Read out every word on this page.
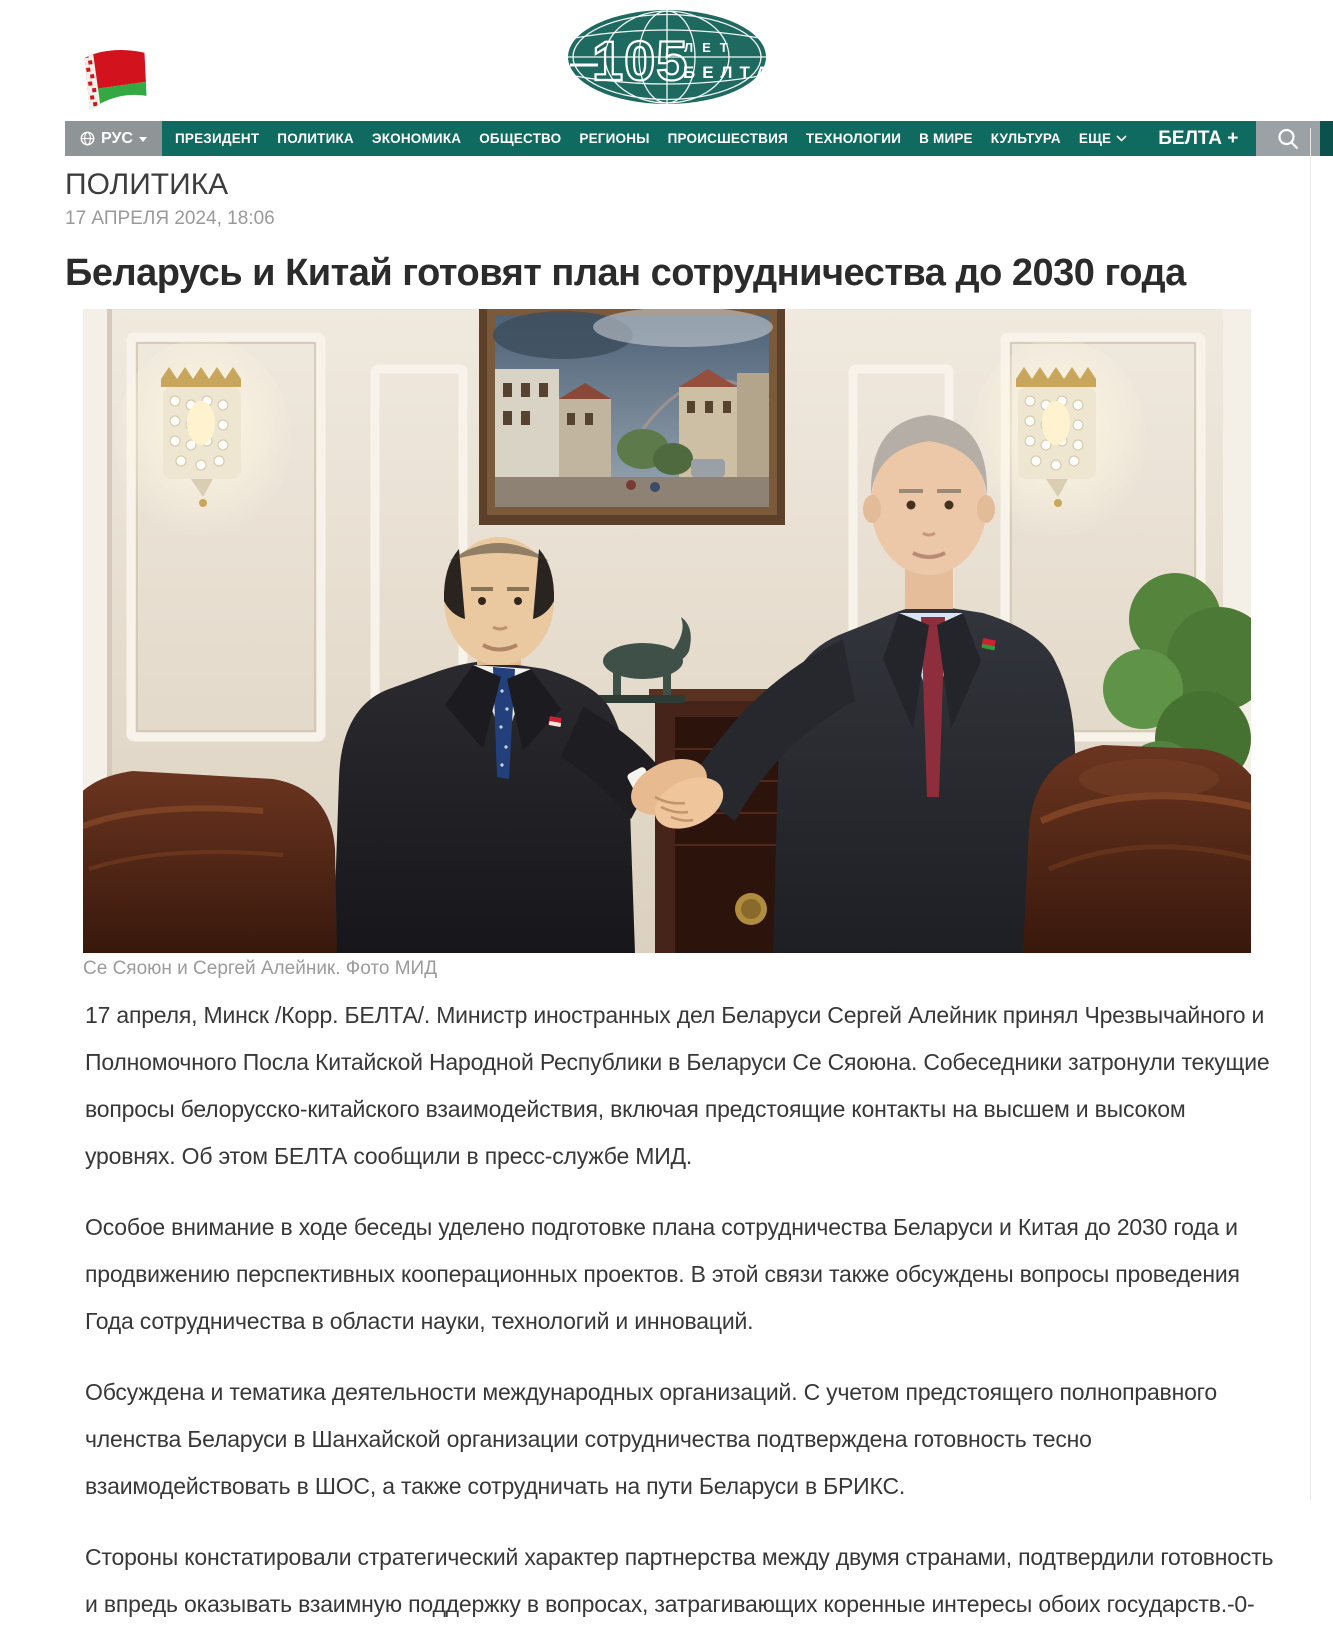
105
ЛЕТ
БЕЛТА
РУС	ПРЕЗИДЕНТ	ПОЛИТИКА	ЭКОНОМИКА	ОБЩЕСТВО	РЕГИОНЫ	ПРОИСШЕСТВИЯ	ТЕХНОЛОГИИ	В МИРЕ	КУЛЬТУРА	ЕЩЕ	БЕЛТА +
ПОЛИТИКА
17 АПРЕЛЯ 2024, 18:06
Беларусь и Китай готовят план сотрудничества до 2030 года
Се Сяоюн и Сергей Алейник. Фото МИД

17 апреля, Минск /Корр. БЕЛТА/. Министр иностранных дел Беларуси Сергей Алейник принял Чрезвычайного и Полномочного Посла Китайской Народной Республики в Беларуси Се Сяоюна. Собеседники затронули текущие вопросы белорусско-китайского взаимодействия, включая предстоящие контакты на высшем и высоком уровнях. Об этом БЕЛТА сообщили в пресс-службе МИД.

Особое внимание в ходе беседы уделено подготовке плана сотрудничества Беларуси и Китая до 2030 года и продвижению перспективных кооперационных проектов. В этой связи также обсуждены вопросы проведения Года сотрудничества в области науки, технологий и инноваций.

Обсуждена и тематика деятельности международных организаций. С учетом предстоящего полноправного членства Беларуси в Шанхайской организации сотрудничества подтверждена готовность тесно взаимодействовать в ШОС, а также сотрудничать на пути Беларуси в БРИКС.

Стороны констатировали стратегический характер партнерства между двумя странами, подтвердили готовность и впредь оказывать взаимную поддержку в вопросах, затрагивающих коренные интересы обоих государств.-0-
